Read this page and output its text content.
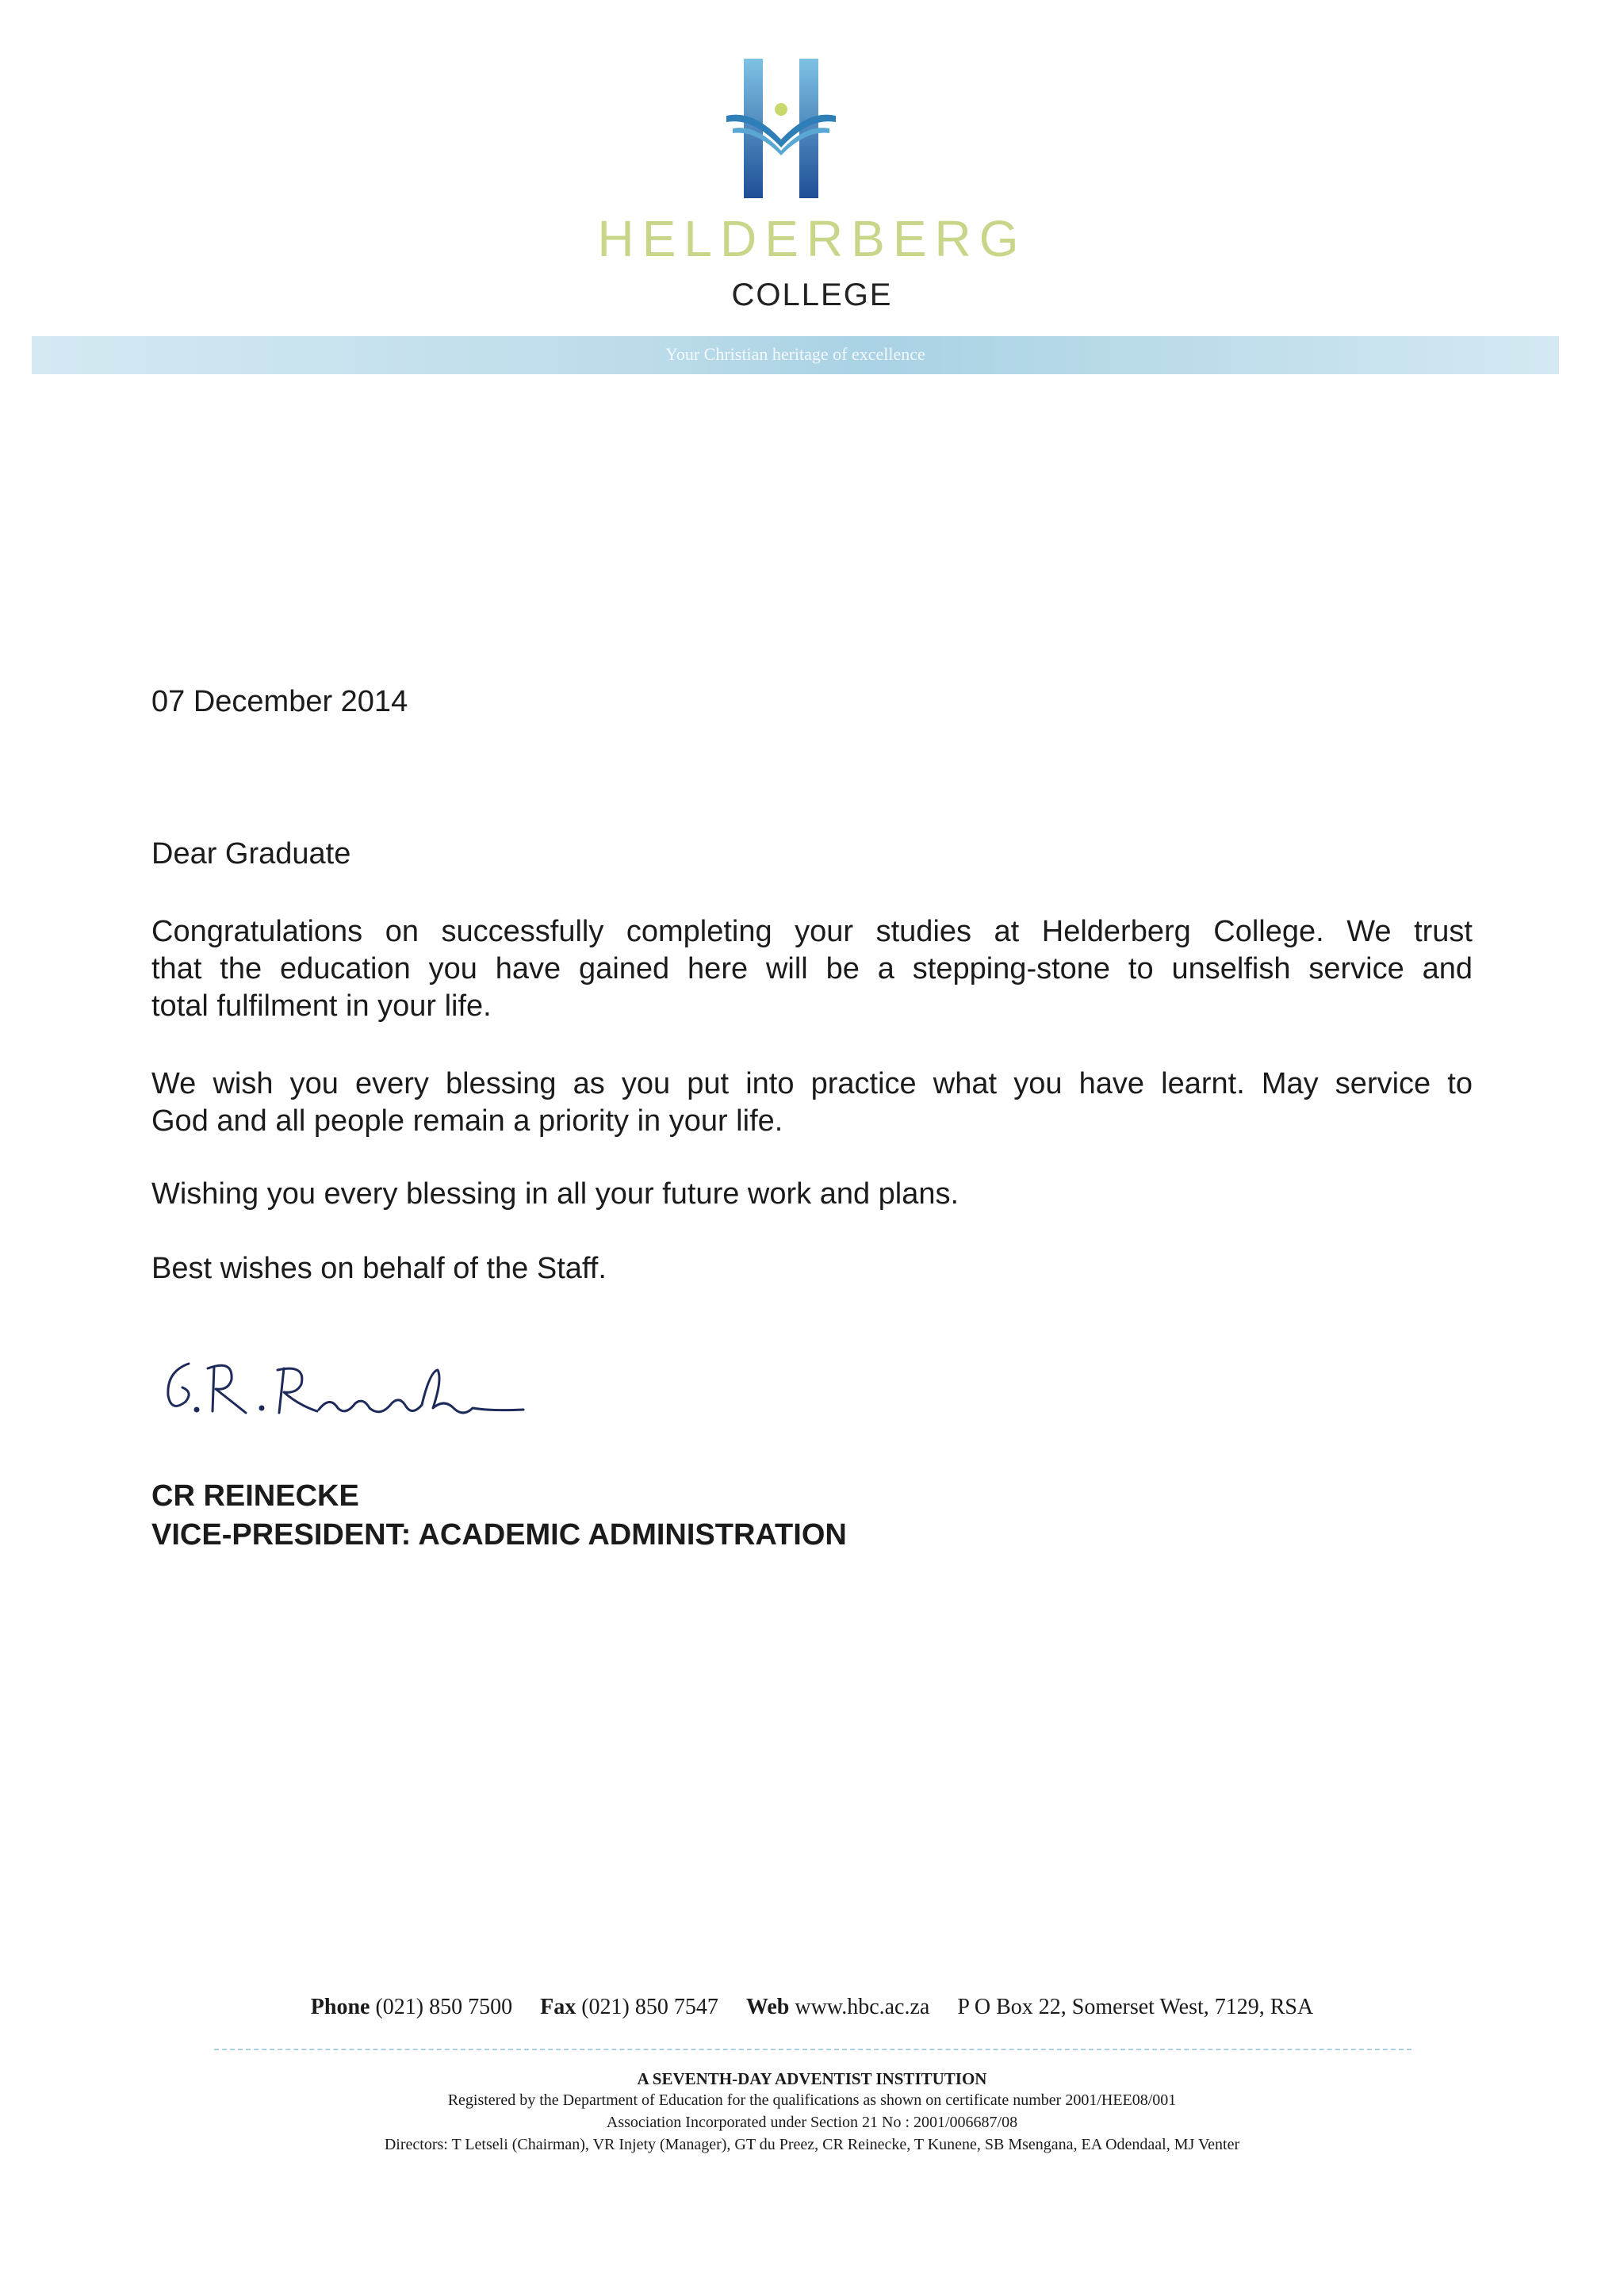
HELDERBERG
COLLEGE
Your Christian heritage of excellence
07 December 2014
Dear Graduate
Congratulations on successfully completing your studies at Helderberg College. We trust
that the education you have gained here will be a stepping-stone to unselfish service and
total fulfilment in your life.
We wish you every blessing as you put into practice what you have learnt. May service to
God and all people remain a priority in your life.
Wishing you every blessing in all your future work and plans.
Best wishes on behalf of the Staff.
CR REINECKE
VICE-PRESIDENT: ACADEMIC ADMINISTRATION
Phone (021) 850 7500 Fax (021) 850 7547 Web www.hbc.ac.za P O Box 22, Somerset West, 7129, RSA
A SEVENTH-DAY ADVENTIST INSTITUTION
Registered by the Department of Education for the qualifications as shown on certificate number 2001/HEE08/001
Association Incorporated under Section 21 No : 2001/006687/08
Directors: T Letseli (Chairman), VR Injety (Manager), GT du Preez, CR Reinecke, T Kunene, SB Msengana, EA Odendaal, MJ Venter
